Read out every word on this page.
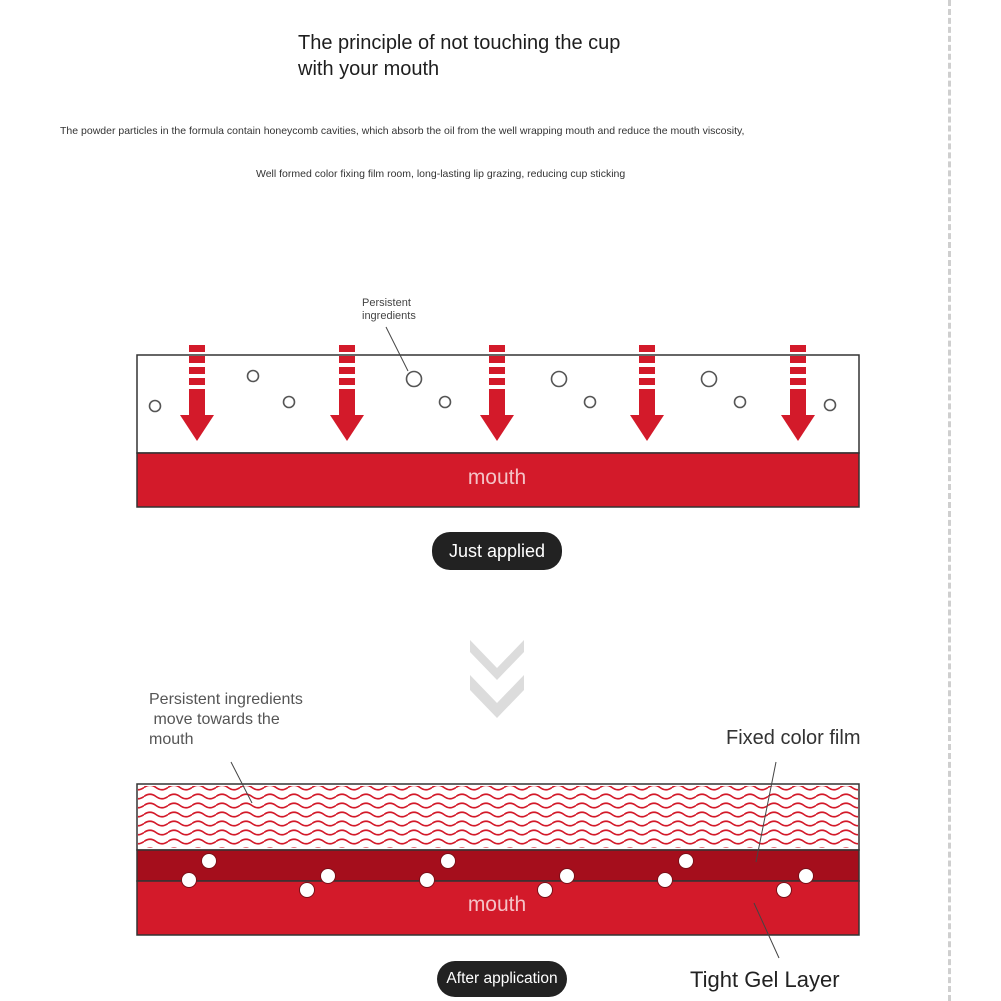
The principle of not touching the cup
with your mouth
The powder particles in the formula contain honeycomb cavities, which absorb the oil from the well wrapping mouth and reduce the mouth viscosity,
Well formed color fixing film room, long-lasting lip grazing, reducing cup sticking
mouth
mouth
Persistent
ingredients
Just applied
Persistent ingredients
move towards the
mouth	Fixed color film
Tight Gel Layer
After application
